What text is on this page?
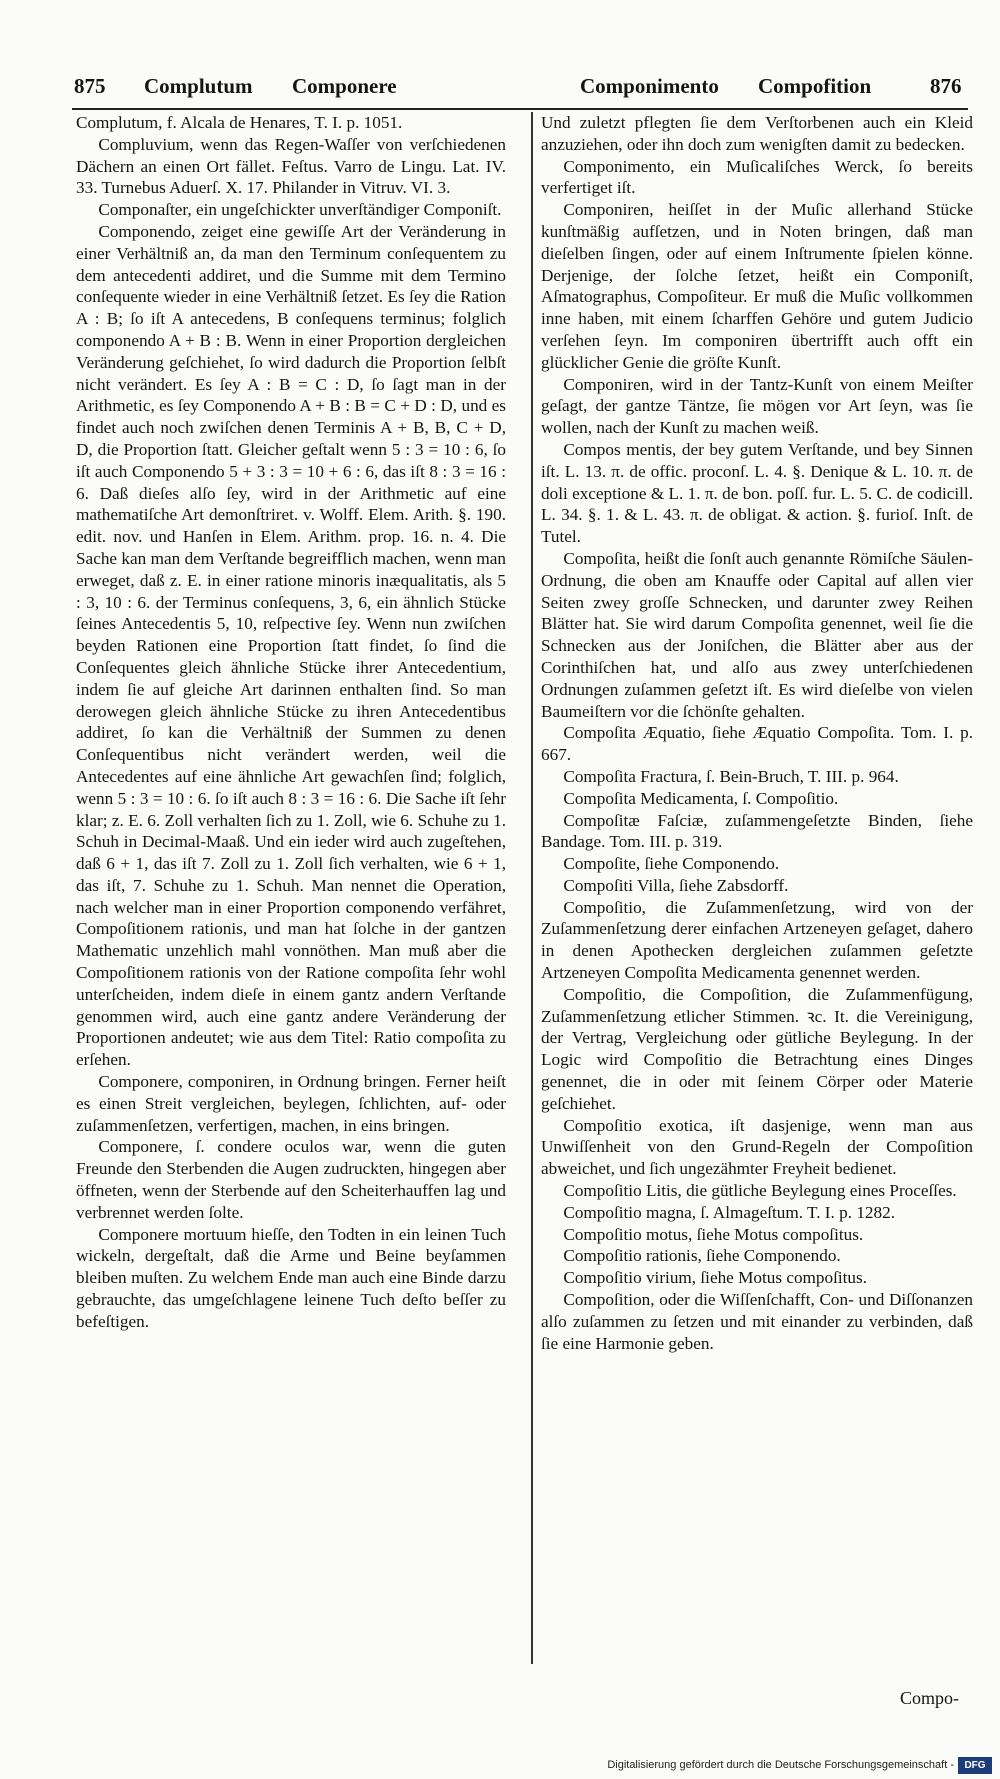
875 Complutum Componere	Componimento Compofition	876

Complutum, f. Alcala de Henares, T. I. p. 1051.

Compluvium, wenn das Regen-Waſſer von verſchiedenen Dächern an einen Ort fället. Feſtus. Varro de Lingu. Lat. IV. 33. Turnebus Aduerſ. X. 17. Philander in Vitruv. VI. 3.

Componaſter, ein ungeſchickter unverſtändiger Componiſt.

Componendo, zeiget eine gewiſſe Art der Veränderung in einer Verhältniß an, da man den Terminum conſequentem zu dem antecedenti addiret, und die Summe mit dem Termino conſequente wieder in eine Verhältniß ſetzet. Es ſey die Ration A : B; ſo iſt A antecedens, B conſequens terminus; folglich componendo A + B : B. Wenn in einer Proportion dergleichen Veränderung geſchiehet, ſo wird dadurch die Proportion ſelbſt nicht verändert. Es ſey A : B = C : D, ſo ſagt man in der Arithmetic, es ſey Componendo A + B : B = C + D : D, und es findet auch noch zwiſchen denen Terminis A + B, B, C + D, D, die Proportion ſtatt. Gleicher geſtalt wenn 5 : 3 = 10 : 6, ſo iſt auch Componendo 5 + 3 : 3 = 10 + 6 : 6, das iſt 8 : 3 = 16 : 6. Daß dieſes alſo ſey, wird in der Arithmetic auf eine mathematiſche Art demonſtriret. v. Wolff. Elem. Arith. §. 190. edit. nov. und Hanſen in Elem. Arithm. prop. 16. n. 4. Die Sache kan man dem Verſtande begreifflich machen, wenn man erweget, daß z. E. in einer ratione minoris inæqualitatis, als 5 : 3, 10 : 6. der Terminus conſequens, 3, 6, ein ähnlich Stücke ſeines Antecedentis 5, 10, reſpective ſey. Wenn nun zwiſchen beyden Rationen eine Proportion ſtatt findet, ſo ſind die Conſequentes gleich ähnliche Stücke ihrer Antecedentium, indem ſie auf gleiche Art darinnen enthalten ſind. So man derowegen gleich ähnliche Stücke zu ihren Antecedentibus addiret, ſo kan die Verhältniß der Summen zu denen Conſequentibus nicht verändert werden, weil die Antecedentes auf eine ähnliche Art gewachſen ſind; folglich, wenn 5 : 3 = 10 : 6. ſo iſt auch 8 : 3 = 16 : 6. Die Sache iſt ſehr klar; z. E. 6. Zoll verhalten ſich zu 1. Zoll, wie 6. Schuhe zu 1. Schuh in Decimal-Maaß. Und ein ieder wird auch zugeſtehen, daß 6 + 1, das iſt 7. Zoll zu 1. Zoll ſich verhalten, wie 6 + 1, das iſt, 7. Schuhe zu 1. Schuh. Man nennet die Operation, nach welcher man in einer Proportion componendo verfähret, Compoſitionem rationis, und man hat ſolche in der gantzen Mathematic unzehlich mahl vonnöthen. Man muß aber die Compoſitionem rationis von der Ratione compoſita ſehr wohl unterſcheiden, indem dieſe in einem gantz andern Verſtande genommen wird, auch eine gantz andere Veränderung der Proportionen andeutet; wie aus dem Titel: Ratio compoſita zu erſehen.

Componere, componiren, in Ordnung bringen. Ferner heiſt es einen Streit vergleichen, beylegen, ſchlichten, auf- oder zuſammenſetzen, verfertigen, machen, in eins bringen.

Componere, ſ. condere oculos war, wenn die guten Freunde den Sterbenden die Augen zudruckten, hingegen aber öffneten, wenn der Sterbende auf den Scheiterhauffen lag und verbrennet werden ſolte.

Componere mortuum hieſſe, den Todten in ein leinen Tuch wickeln, dergeſtalt, daß die Arme und Beine beyſammen bleiben muſten. Zu welchem Ende man auch eine Binde darzu gebrauchte, das umgeſchlagene leinene Tuch deſto beſſer zu befeſtigen.

Und zuletzt pflegten ſie dem Verſtorbenen auch ein Kleid anzuziehen, oder ihn doch zum wenigſten damit zu bedecken.

Componimento, ein Muſicaliſches Werck, ſo bereits verfertiget iſt.

Componiren, heiſſet in der Muſic allerhand Stücke kunſtmäßig aufſetzen, und in Noten bringen, daß man dieſelben ſingen, oder auf einem Inſtrumente ſpielen könne. Derjenige, der ſolche ſetzet, heißt ein Componiſt, Aſmatographus, Compoſiteur. Er muß die Muſic vollkommen inne haben, mit einem ſcharffen Gehöre und gutem Judicio verſehen ſeyn. Im componiren übertrifft auch offt ein glücklicher Genie die gröſte Kunſt.

Componiren, wird in der Tantz-Kunſt von einem Meiſter geſagt, der gantze Täntze, ſie mögen vor Art ſeyn, was ſie wollen, nach der Kunſt zu machen weiß.

Compos mentis, der bey gutem Verſtande, und bey Sinnen iſt. L. 13. π. de offic. proconſ. L. 4. §. Denique & L. 10. π. de doli exceptione & L. 1. π. de bon. poſſ. fur. L. 5. C. de codicill. L. 34. §. 1. & L. 43. π. de obligat. & action. §. furioſ. Inſt. de Tutel.

Compoſita, heißt die ſonſt auch genannte Römiſche Säulen-Ordnung, die oben am Knauffe oder Capital auf allen vier Seiten zwey groſſe Schnecken, und darunter zwey Reihen Blätter hat. Sie wird darum Compoſita genennet, weil ſie die Schnecken aus der Joniſchen, die Blätter aber aus der Corinthiſchen hat, und alſo aus zwey unterſchiedenen Ordnungen zuſammen geſetzt iſt. Es wird dieſelbe von vielen Baumeiſtern vor die ſchönſte gehalten.

Compoſita Æquatio, ſiehe Æquatio Compoſita. Tom. I. p. 667.

Compoſita Fractura, ſ. Bein-Bruch, T. III. p. 964.

Compoſita Medicamenta, ſ. Compoſitio.

Compoſitæ Faſciæ, zuſammengeſetzte Binden, ſiehe Bandage. Tom. III. p. 319.

Compoſite, ſiehe Componendo.

Compoſiti Villa, ſiehe Zabsdorff.

Compoſitio, die Zuſammenſetzung, wird von der Zuſammenſetzung derer einfachen Artzeneyen geſaget, dahero in denen Apothecken dergleichen zuſammen geſetzte Artzeneyen Compoſita Medicamenta genennet werden.

Compoſitio, die Compoſition, die Zuſammenfügung, Zuſammenſetzung etlicher Stimmen. ꝛc. It. die Vereinigung, der Vertrag, Vergleichung oder gütliche Beylegung. In der Logic wird Compoſitio die Betrachtung eines Dinges genennet, die in oder mit ſeinem Cörper oder Materie geſchiehet.

Compoſitio exotica, iſt dasjenige, wenn man aus Unwiſſenheit von den Grund-Regeln der Compoſition abweichet, und ſich ungezähmter Freyheit bedienet.

Compoſitio Litis, die gütliche Beylegung eines Proceſſes.

Compoſitio magna, ſ. Almageſtum. T. I. p. 1282.

Compoſitio motus, ſiehe Motus compoſitus.

Compoſitio rationis, ſiehe Componendo.

Compoſitio virium, ſiehe Motus compoſitus.

Compoſition, oder die Wiſſenſchafft, Con- und Diſſonanzen alſo zuſammen zu ſetzen und mit einander zu verbinden, daß ſie eine Harmonie geben.

Compo-
Digitalisierung gefördert durch die Deutsche Forschungsgemeinschaft -	DFG
